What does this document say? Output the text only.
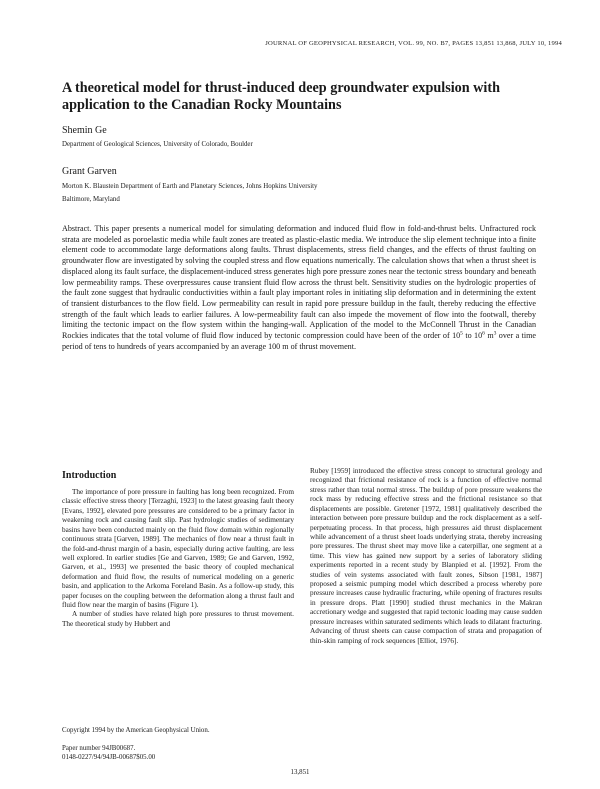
JOURNAL OF GEOPHYSICAL RESEARCH, VOL. 99, NO. B7, PAGES 13,851 13,868, JULY 10, 1994
A theoretical model for thrust-induced deep groundwater expulsion with application to the Canadian Rocky Mountains
Shemin Ge
Department of Geological Sciences, University of Colorado, Boulder
Grant Garven
Morton K. Blaustein Department of Earth and Planetary Sciences, Johns Hopkins University
Baltimore, Maryland

Abstract. This paper presents a numerical model for simulating deformation and induced fluid flow in fold-and-thrust belts. Unfractured rock strata are modeled as poroelastic media while fault zones are treated as plastic-elastic media. We introduce the slip element technique into a finite element code to accommodate large deformations along faults. Thrust displacements, stress field changes, and the effects of thrust faulting on groundwater flow are investigated by solving the coupled stress and flow equations numerically. The calculation shows that when a thrust sheet is displaced along its fault surface, the displacement-induced stress generates high pore pressure zones near the tectonic stress boundary and beneath low permeability ramps. These overpressures cause transient fluid flow across the thrust belt. Sensitivity studies on the hydrologic properties of the fault zone suggest that hydraulic conductivities within a fault play important roles in initiating slip deformation and in determining the extent of transient disturbances to the flow field. Low permeability can result in rapid pore pressure buildup in the fault, thereby reducing the effective strength of the fault which leads to earlier failures. A low-permeability fault can also impede the movement of flow into the footwall, thereby limiting the tectonic impact on the flow system within the hanging-wall. Application of the model to the McConnell Thrust in the Canadian Rockies indicates that the total volume of fluid flow induced by tectonic compression could have been of the order of $10^5$ to $10^6$ $m^3$ over a time period of tens to hundreds of years accompanied by an average 100 m of thrust movement.

Introduction

The importance of pore pressure in faulting has long been recognized. From classic effective stress theory [Terzaghi, 1923] to the latest greasing fault theory [Evans, 1992], elevated pore pressures are considered to be a primary factor in weakening rock and causing fault slip. Past hydrologic studies of sedimentary basins have been conducted mainly on the fluid flow domain within regionally continuous strata [Garven, 1989]. The mechanics of flow near a thrust fault in the fold-and-thrust margin of a basin, especially during active faulting, are less well explored. In earlier studies [Ge and Garven, 1989; Ge and Garven, 1992, Garven, et al., 1993] we presented the basic theory of coupled mechanical deformation and fluid flow, the results of numerical modeling on a generic basin, and application to the Arkoma Foreland Basin. As a follow-up study, this paper focuses on the coupling between the deformation along a thrust fault and fluid flow near the margin of basins (Figure 1).

A number of studies have related high pore pressures to thrust movement. The theoretical study by Hubbert and

Rubey [1959] introduced the effective stress concept to structural geology and recognized that frictional resistance of rock is a function of effective normal stress rather than total normal stress. The buildup of pore pressure weakens the rock mass by reducing effective stress and the frictional resistance so that displacements are possible. Gretener [1972, 1981] qualitatively described the interaction between pore pressure buildup and the rock displacement as a self-perpetuating process. In that process, high pressures aid thrust displacement while advancement of a thrust sheet loads underlying strata, thereby increasing pore pressures. The thrust sheet may move like a caterpillar, one segment at a time. This view has gained new support by a series of laboratory sliding experiments reported in a recent study by Blanpied et al. [1992]. From the studies of vein systems associated with fault zones, Sibson [1981, 1987] proposed a seismic pumping model which described a process whereby pore pressure increases cause hydraulic fracturing, while opening of fractures results in pressure drops. Platt [1990] studied thrust mechanics in the Makran accretionary wedge and suggested that rapid tectonic loading may cause sudden pressure increases within saturated sediments which leads to dilatant fracturing. Advancing of thrust sheets can cause compaction of strata and propagation of thin-skin ramping of rock sequences [Elliot, 1976].

Copyright 1994 by the American Geophysical Union.

Paper number 94JB00687.

0148-0227/94/94JB-00687$05.00

13,851
